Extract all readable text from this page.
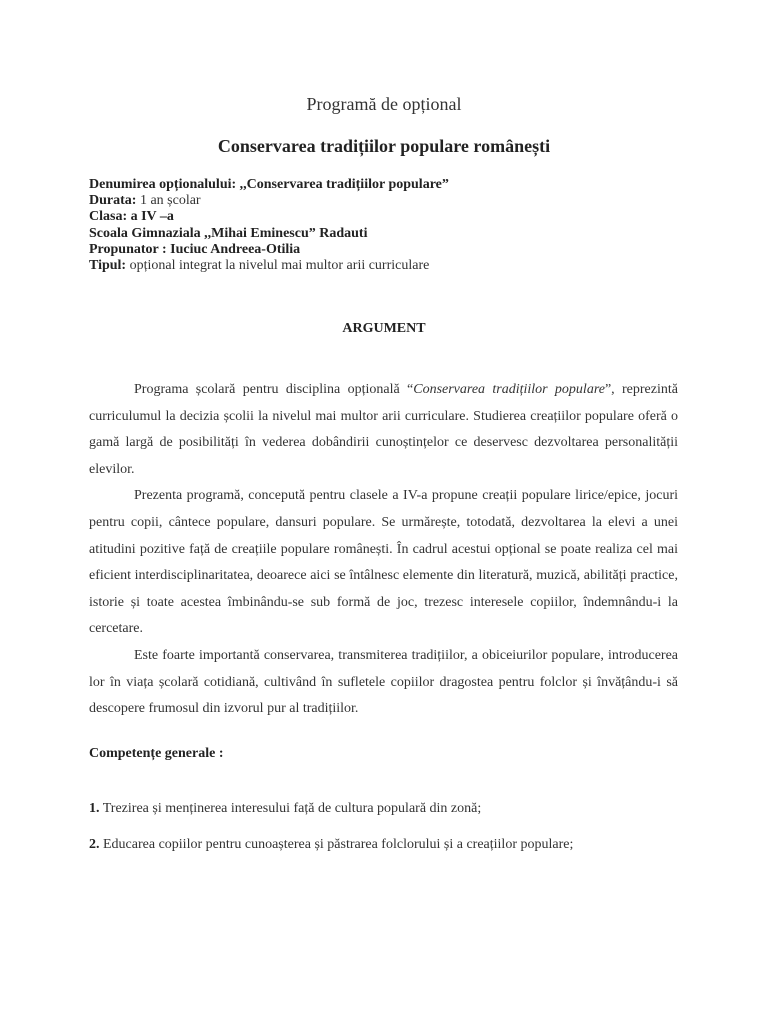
Programă de opțional
Conservarea tradițiilor populare românești
Denumirea opționalului: ,,Conservarea tradițiilor populare”
Durata: 1 an școlar
Clasa: a IV –a
Scoala Gimnaziala ,,Mihai Eminescu” Radauti
Propunator : Iuciuc Andreea-Otilia
Tipul: opțional integrat la nivelul mai multor arii curriculare
ARGUMENT

Programa școlară pentru disciplina opțională “Conservarea tradițiilor populare”, reprezintă curriculumul la decizia școlii la nivelul mai multor arii curriculare. Studierea creațiilor populare oferă o gamă largă de posibilități în vederea dobândirii cunoștințelor ce deservesc dezvoltarea personalității elevilor.

Prezenta programă, concepută pentru clasele a IV-a propune creații populare lirice/epice, jocuri pentru copii, cântece populare, dansuri populare. Se urmărește, totodată, dezvoltarea la elevi a unei atitudini pozitive față de creațiile populare românești. În cadrul acestui opțional se poate realiza cel mai eficient interdisciplinaritatea, deoarece aici se întâlnesc elemente din literatură, muzică, abilități practice, istorie și toate acestea îmbinându-se sub formă de joc, trezesc interesele copiilor, îndemnându-i la cercetare.

Este foarte importantă conservarea, transmiterea tradițiilor, a obiceiurilor populare, introducerea lor în viața școlară cotidiană, cultivând în sufletele copiilor dragostea pentru folclor și învățându-i să descopere frumosul din izvorul pur al tradițiilor.

Competențe generale :
1. Trezirea și menținerea interesului față de cultura populară din zonă;
2. Educarea copiilor pentru cunoașterea și păstrarea folclorului și a creațiilor populare;
